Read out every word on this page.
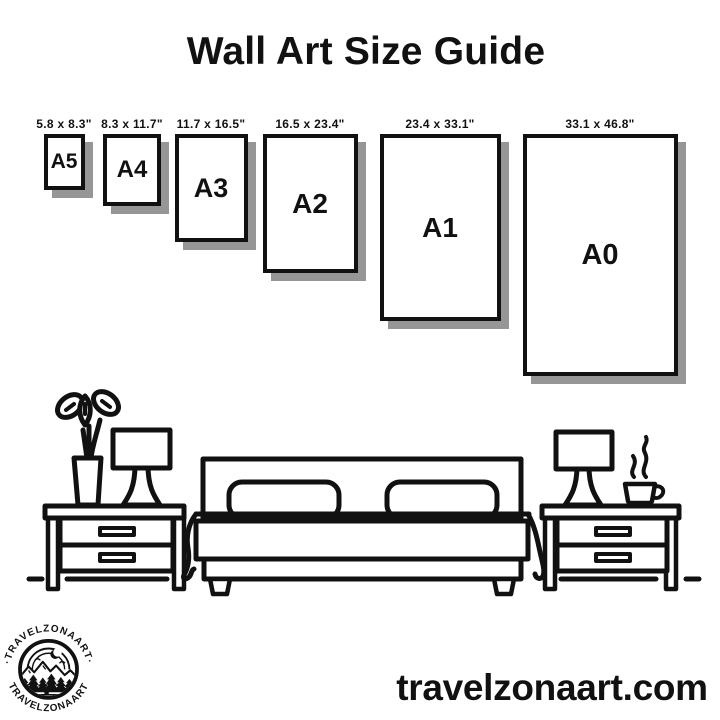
Wall Art Size Guide
5.8 x 8.3"
A5
8.3 x 11.7"
A4
11.7 x 16.5"
A3
16.5 x 23.4"
A2
23.4 x 33.1"
A1
33.1 x 46.8"
A0
·TRAVELZONAART·
TRAVELZONAART	travelzonaart.com
